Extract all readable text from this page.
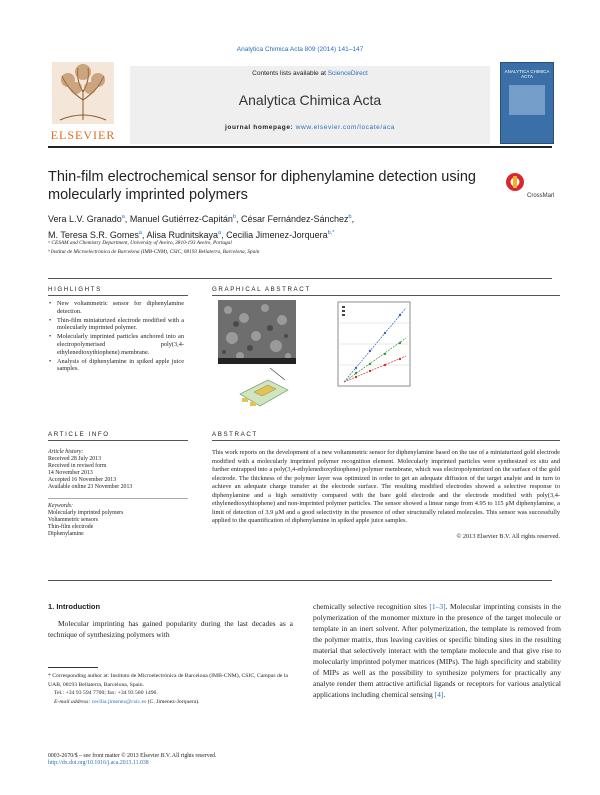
Analytica Chimica Acta 809 (2014) 141–147
ELSEVIER
Contents lists available at ScienceDirect
Analytica Chimica Acta
journal homepage: www.elsevier.com/locate/aca
ANALYTICA CHIMICA ACTA
Thin-film electrochemical sensor for diphenylamine detection using molecularly imprinted polymers	CrossMark
Vera L.V. Granado$^a$, Manuel Gutiérrez-Capitán$^b$, César Fernández-Sánchez$^b$,
M. Teresa S.R. Gomes$^a$, Alisa Rudnitskaya$^a$, Cecilia Jimenez-Jorquera$^{b,*}$
ᵃ CESAM and Chemistry Department, University of Aveiro, 3810-193 Aveiro, Portugal
ᵇ Institut de Microelectrònica de Barcelona (IMB-CNM), CSIC, 08193 Bellaterra, Barcelona, Spain
HIGHLIGHTS
• New voltammetric sensor for diphenylamine detection.
• Thin-film miniaturized electrode modified with a molecularly imprinted polymer.
• Molecularly imprinted particles anchored into an electropolymerised poly(3,4-ethylenedioxythiophene) membrane.
• Analysis of diphenylamine in spiked apple juice samples.
GRAPHICAL ABSTRACT
ARTICLE INFO
Article history:
Received 28 July 2013
Received in revised form
14 November 2013
Accepted 16 November 2013
Available online 23 November 2013
Keywords:
Molecularly imprinted polymers
Voltammetric sensors
Thin-film electrode
Diphenylamine
ABSTRACT
This work reports on the development of a new voltammetric sensor for diphenylamine based on the use of a miniaturized gold electrode modified with a molecularly imprinted polymer recognition element. Molecularly imprinted particles were synthesized ex situ and further entrapped into a poly(3,4-ethylenedioxythiophene) polymer membrane, which was electropolymerized on the surface of the gold electrode. The thickness of the polymer layer was optimized in order to get an adequate diffusion of the target analyte and in turn to achieve an adequate charge transfer at the electrode surface. The resulting modified electrodes showed a selective response to diphenylamine and a high sensitivity compared with the bare gold electrode and the electrode modified with poly(3,4-ethylenedioxythiophene) and non-imprinted polymer particles. The sensor showed a linear range from 4.95 to 115 μM diphenylamine, a limit of detection of 3.9 μM and a good selectivity in the presence of other structurally related molecules. This sensor was successfully applied to the quantification of diphenylamine in spiked apple juice samples.
© 2013 Elsevier B.V. All rights reserved.
1. Introduction
Molecular imprinting has gained popularity during the last decades as a technique of synthesizing polymers with
chemically selective recognition sites [1–3]. Molecular imprinting consists in the polymerization of the monomer mixture in the presence of the target molecule or template in an inert solvent. After polymerization, the template is removed from the polymer matrix, thus leaving cavities or specific binding sites in the resulting material that selectively interact with the template molecule and that give rise to molecularly imprinted polymer matrices (MIPs). The high specificity and stability of MIPs as well as the possibility to synthesize polymers for practically any analyte render them attractive artificial ligands or receptors for various analytical applications including chemical sensing [4].
* Corresponding author at: Instituto de Microelectrónica de Barcelona (IMB-CNM), CSIC, Campus de la UAB, 08193 Bellaterra, Barcelona, Spain.
Tel.: +34 93 594 7700; fax: +34 93 580 1496.
E-mail address: cecilia.jimenez@csic.es (C. Jimenez-Jorquera).
0003-2670/$ – see front matter © 2013 Elsevier B.V. All rights reserved.
http://dx.doi.org/10.1016/j.aca.2013.11.038
